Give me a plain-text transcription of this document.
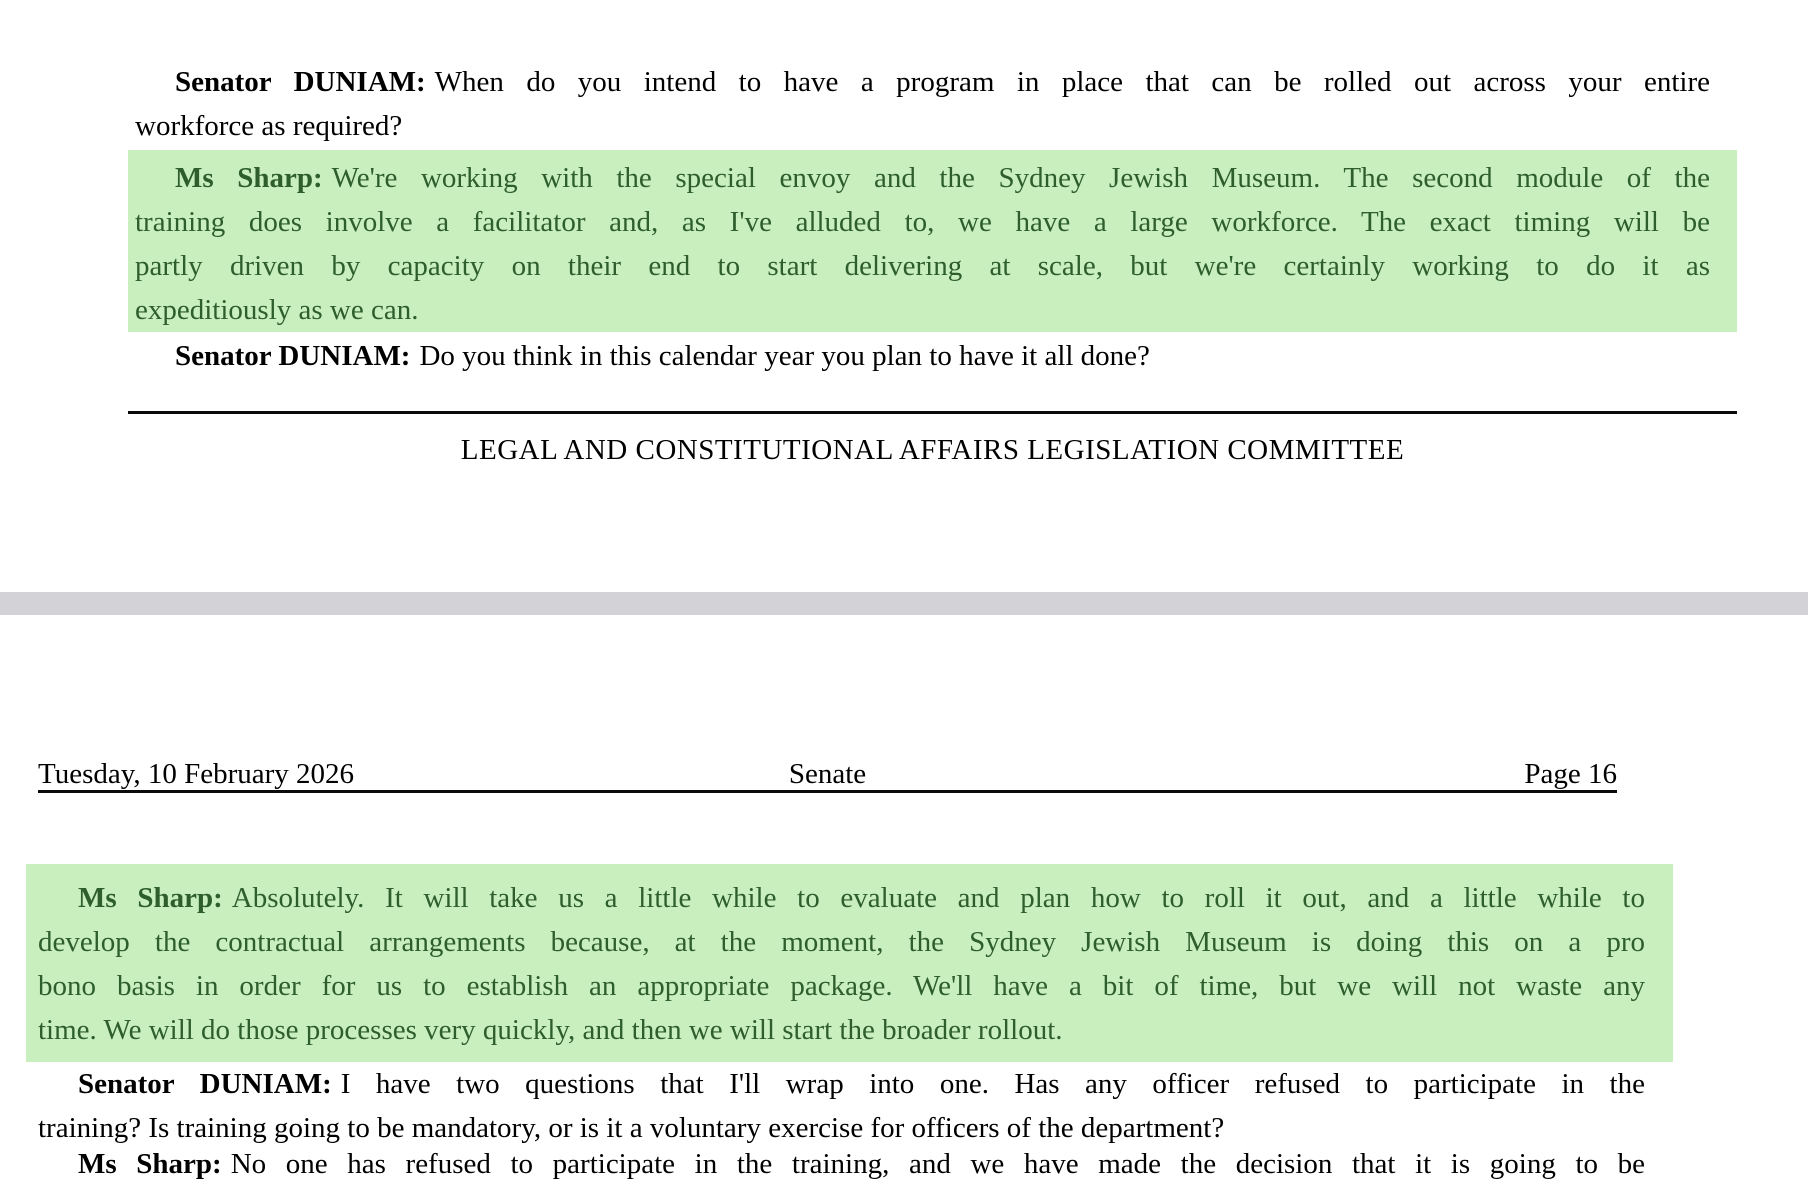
Senator DUNIAM: When do you intend to have a program in place that can be rolled out across your entire
workforce as required?
Ms Sharp: We're working with the special envoy and the Sydney Jewish Museum. The second module of the
training does involve a facilitator and, as I've alluded to, we have a large workforce. The exact timing will be
partly driven by capacity on their end to start delivering at scale, but we're certainly working to do it as
expeditiously as we can.
Senator DUNIAM: Do you think in this calendar year you plan to have it all done?
LEGAL AND CONSTITUTIONAL AFFAIRS LEGISLATION COMMITTEE
Tuesday, 10 February 2026	Senate	Page 16
Ms Sharp: Absolutely. It will take us a little while to evaluate and plan how to roll it out, and a little while to
develop the contractual arrangements because, at the moment, the Sydney Jewish Museum is doing this on a pro
bono basis in order for us to establish an appropriate package. We'll have a bit of time, but we will not waste any
time. We will do those processes very quickly, and then we will start the broader rollout.
Senator DUNIAM: I have two questions that I'll wrap into one. Has any officer refused to participate in the
training? Is training going to be mandatory, or is it a voluntary exercise for officers of the department?
Ms Sharp: No one has refused to participate in the training, and we have made the decision that it is going to be
